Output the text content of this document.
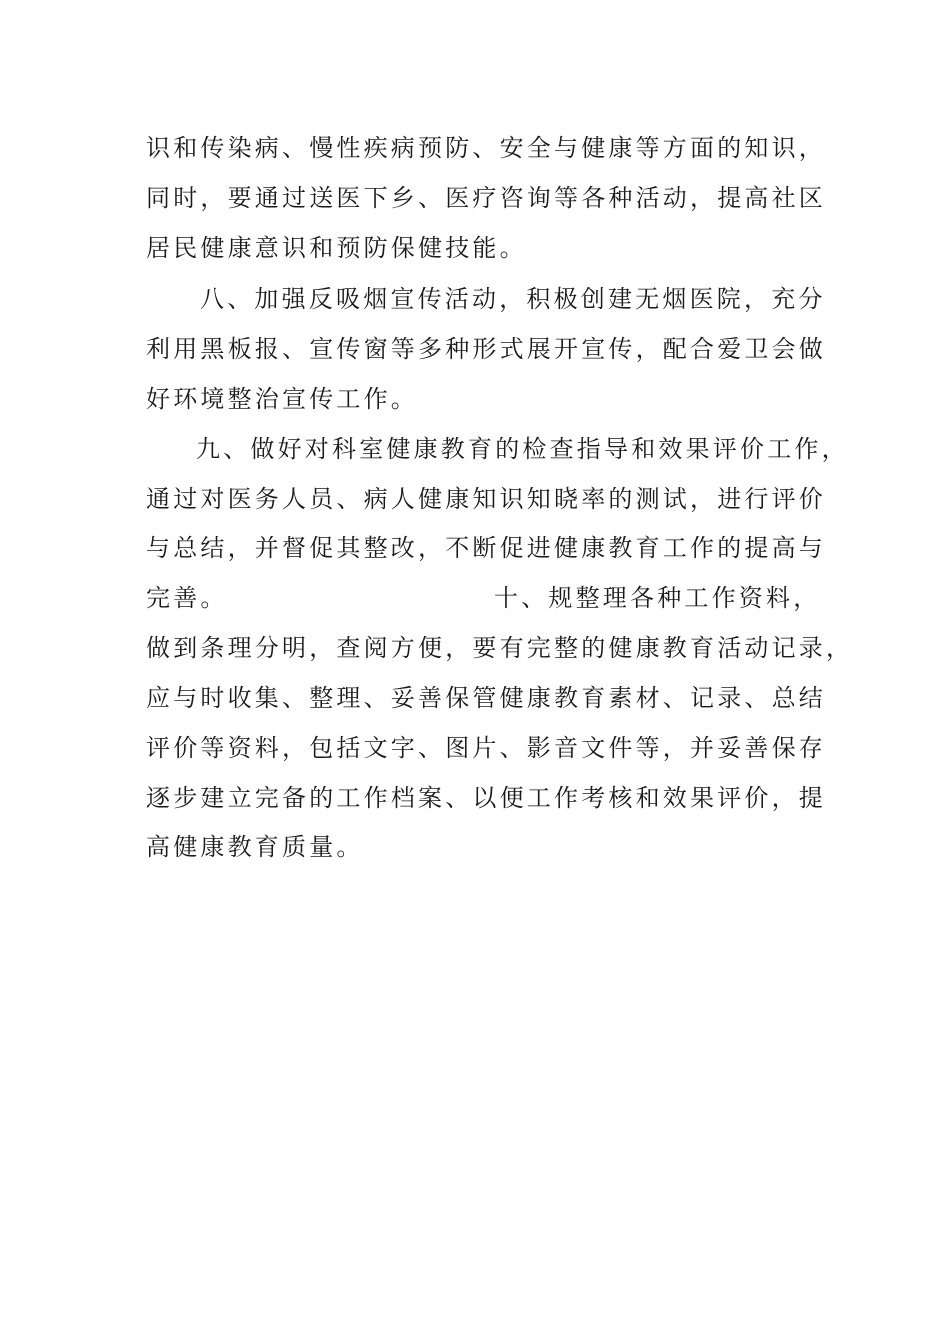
识和传染病、慢性疾病预防、安全与健康等方面的知识，
同时，要通过送医下乡、医疗咨询等各种活动，提高社区
居民健康意识和预防保健技能。
八、加强反吸烟宣传活动，积极创建无烟医院，充分
利用黑板报、宣传窗等多种形式展开宣传，配合爱卫会做
好环境整治宣传工作。
九、做好对科室健康教育的检查指导和效果评价工作，
通过对医务人员、病人健康知识知晓率的测试，进行评价
与总结，并督促其整改，不断促进健康教育工作的提高与
完善。	十、规整理各种工作资料，
做到条理分明，查阅方便，要有完整的健康教育活动记录，
应与时收集、整理、妥善保管健康教育素材、记录、总结
评价等资料，包括文字、图片、影音文件等，并妥善保存
逐步建立完备的工作档案、以便工作考核和效果评价，提
高健康教育质量。
